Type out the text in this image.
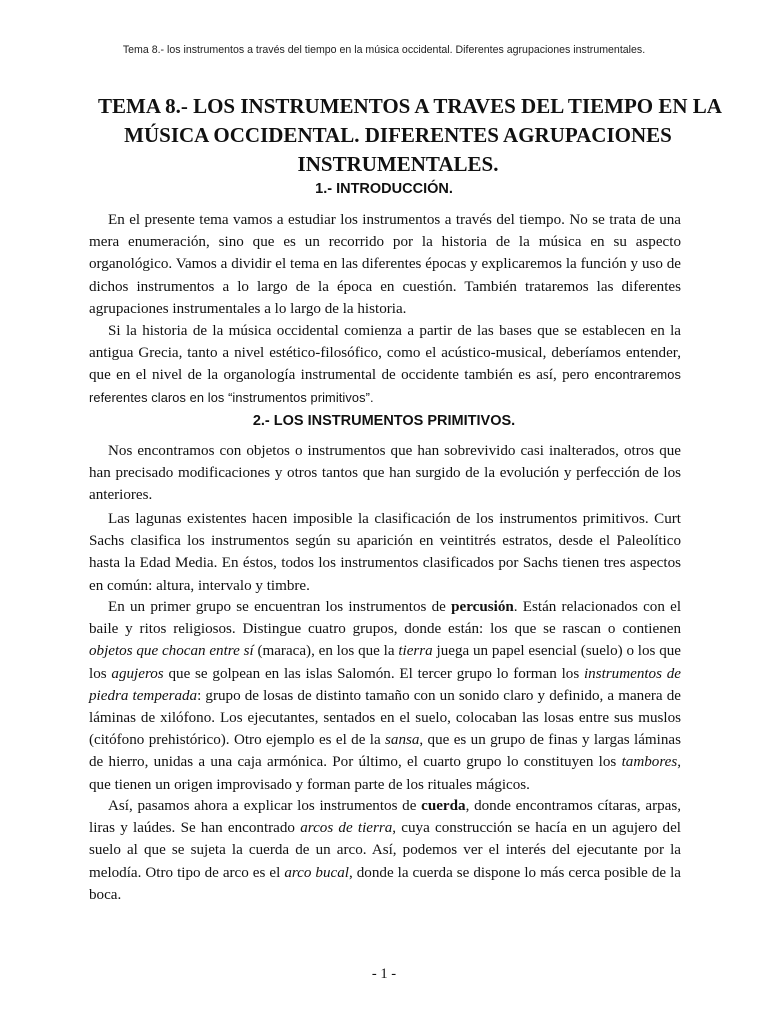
Tema 8.- los instrumentos a través del tiempo en la música occidental. Diferentes agrupaciones instrumentales.
TEMA 8.- LOS INSTRUMENTOS A TRAVES DEL TIEMPO EN LA
MÚSICA OCCIDENTAL. DIFERENTES AGRUPACIONES
INSTRUMENTALES.
1.- INTRODUCCIÓN.

En el presente tema vamos a estudiar los instrumentos a través del tiempo. No se trata de una mera enumeración, sino que es un recorrido por la historia de la música en su aspecto organológico. Vamos a dividir el tema en las diferentes épocas y explicaremos la función y uso de dichos instrumentos a lo largo de la época en cuestión. También trataremos las diferentes agrupaciones instrumentales a lo largo de la historia.

Si la historia de la música occidental comienza a partir de las bases que se establecen en la antigua Grecia, tanto a nivel estético-filosófico, como el acústico-musical, deberíamos entender, que en el nivel de la organología instrumental de occidente también es así, pero encontraremos referentes claros en los “instrumentos primitivos”.

2.- LOS INSTRUMENTOS PRIMITIVOS.

Nos encontramos con objetos o instrumentos que han sobrevivido casi inalterados, otros que han precisado modificaciones y otros tantos que han surgido de la evolución y perfección de los anteriores.

Las lagunas existentes hacen imposible la clasificación de los instrumentos primitivos. Curt Sachs clasifica los instrumentos según su aparición en veintitrés estratos, desde el Paleolítico hasta la Edad Media. En éstos, todos los instrumentos clasificados por Sachs tienen tres aspectos en común: altura, intervalo y timbre.

En un primer grupo se encuentran los instrumentos de percusión. Están relacionados con el baile y ritos religiosos. Distingue cuatro grupos, donde están: los que se rascan o contienen objetos que chocan entre sí (maraca), en los que la tierra juega un papel esencial (suelo) o los que los agujeros que se golpean en las islas Salomón. El tercer grupo lo forman los instrumentos de piedra temperada: grupo de losas de distinto tamaño con un sonido claro y definido, a manera de láminas de xilófono. Los ejecutantes, sentados en el suelo, colocaban las losas entre sus muslos (citófono prehistórico). Otro ejemplo es el de la sansa, que es un grupo de finas y largas láminas de hierro, unidas a una caja armónica. Por último, el cuarto grupo lo constituyen los tambores, que tienen un origen improvisado y forman parte de los rituales mágicos.

Así, pasamos ahora a explicar los instrumentos de cuerda, donde encontramos cítaras, arpas, liras y laúdes. Se han encontrado arcos de tierra, cuya construcción se hacía en un agujero del suelo al que se sujeta la cuerda de un arco. Así, podemos ver el interés del ejecutante por la melodía. Otro tipo de arco es el arco bucal, donde la cuerda se dispone lo más cerca posible de la boca.

- 1 -
